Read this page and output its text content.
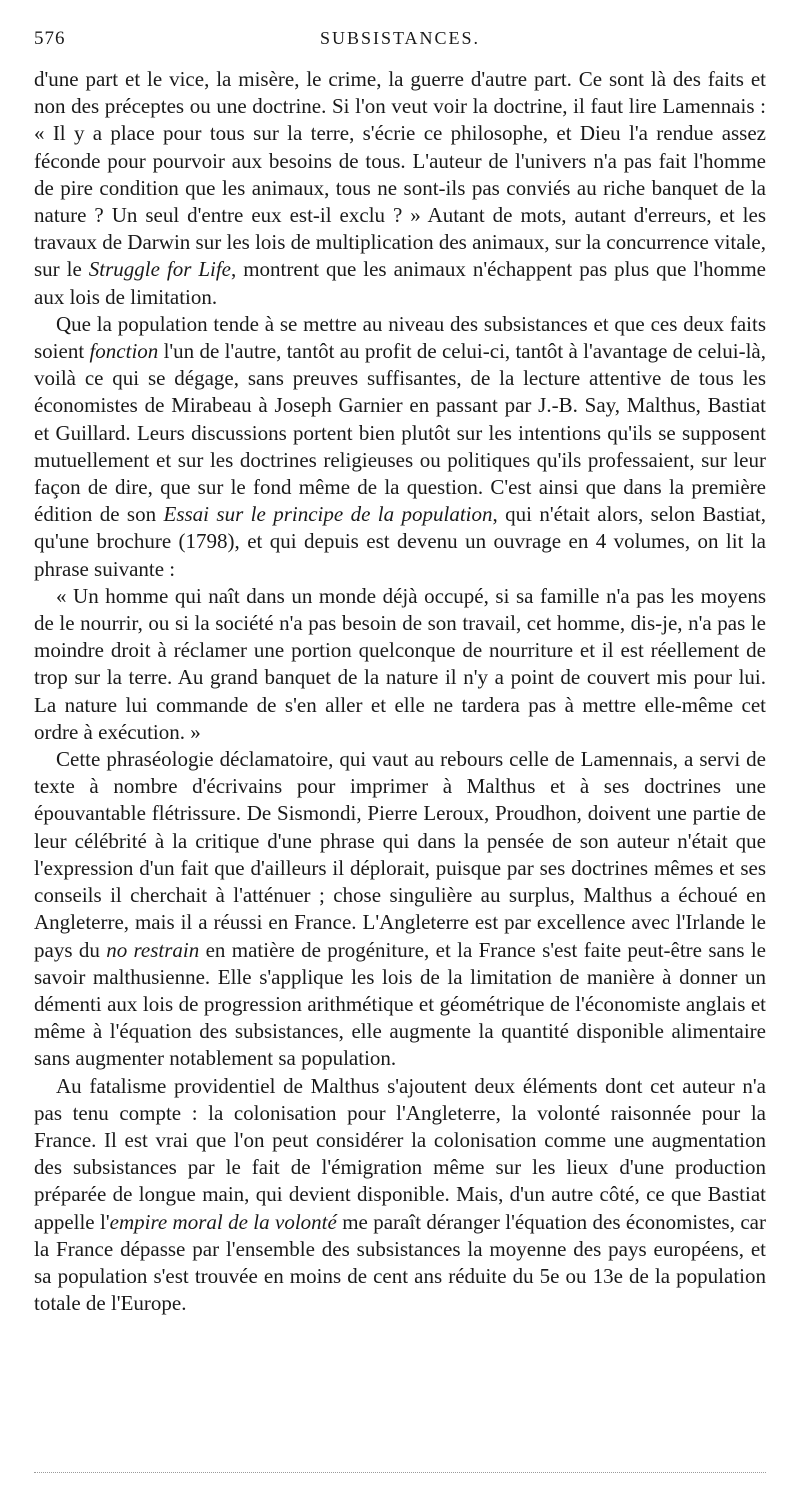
576	SUBSISTANCES.

d'une part et le vice, la misère, le crime, la guerre d'autre part. Ce sont là des faits et non des préceptes ou une doctrine. Si l'on veut voir la doctrine, il faut lire Lamennais : « Il y a place pour tous sur la terre, s'écrie ce philosophe, et Dieu l'a rendue assez féconde pour pourvoir aux besoins de tous. L'auteur de l'univers n'a pas fait l'homme de pire condition que les animaux, tous ne sont-ils pas conviés au riche banquet de la nature ? Un seul d'entre eux est-il exclu ? » Autant de mots, autant d'erreurs, et les travaux de Darwin sur les lois de multiplication des animaux, sur la concurrence vitale, sur le Struggle for Life, montrent que les animaux n'échappent pas plus que l'homme aux lois de limitation.

Que la population tende à se mettre au niveau des subsistances et que ces deux faits soient fonction l'un de l'autre, tantôt au profit de celui-ci, tantôt à l'avantage de celui-là, voilà ce qui se dégage, sans preuves suffisantes, de la lecture attentive de tous les économistes de Mirabeau à Joseph Garnier en passant par J.-B. Say, Malthus, Bastiat et Guillard. Leurs discussions portent bien plutôt sur les intentions qu'ils se supposent mutuellement et sur les doctrines religieuses ou politiques qu'ils professaient, sur leur façon de dire, que sur le fond même de la question. C'est ainsi que dans la première édition de son Essai sur le principe de la population, qui n'était alors, selon Bastiat, qu'une brochure (1798), et qui depuis est devenu un ouvrage en 4 volumes, on lit la phrase suivante :

« Un homme qui naît dans un monde déjà occupé, si sa famille n'a pas les moyens de le nourrir, ou si la société n'a pas besoin de son travail, cet homme, dis-je, n'a pas le moindre droit à réclamer une portion quelconque de nourriture et il est réellement de trop sur la terre. Au grand banquet de la nature il n'y a point de couvert mis pour lui. La nature lui commande de s'en aller et elle ne tardera pas à mettre elle-même cet ordre à exécution. »

Cette phraséologie déclamatoire, qui vaut au rebours celle de Lamennais, a servi de texte à nombre d'écrivains pour imprimer à Malthus et à ses doctrines une épouvantable flétrissure. De Sismondi, Pierre Leroux, Proudhon, doivent une partie de leur célébrité à la critique d'une phrase qui dans la pensée de son auteur n'était que l'expression d'un fait que d'ailleurs il déplorait, puisque par ses doctrines mêmes et ses conseils il cherchait à l'atténuer ; chose singulière au surplus, Malthus a échoué en Angleterre, mais il a réussi en France. L'Angleterre est par excellence avec l'Irlande le pays du no restrain en matière de progéniture, et la France s'est faite peut-être sans le savoir malthusienne. Elle s'applique les lois de la limitation de manière à donner un démenti aux lois de progression arithmétique et géométrique de l'économiste anglais et même à l'équation des subsistances, elle augmente la quantité disponible alimentaire sans augmenter notablement sa population.

Au fatalisme providentiel de Malthus s'ajoutent deux éléments dont cet auteur n'a pas tenu compte : la colonisation pour l'Angleterre, la volonté raisonnée pour la France. Il est vrai que l'on peut considérer la colonisation comme une augmentation des subsistances par le fait de l'émigration même sur les lieux d'une production préparée de longue main, qui devient disponible. Mais, d'un autre côté, ce que Bastiat appelle l'empire moral de la volonté me paraît déranger l'équation des économistes, car la France dépasse par l'ensemble des subsistances la moyenne des pays européens, et sa population s'est trouvée en moins de cent ans réduite du 5e ou 13e de la population totale de l'Europe.
